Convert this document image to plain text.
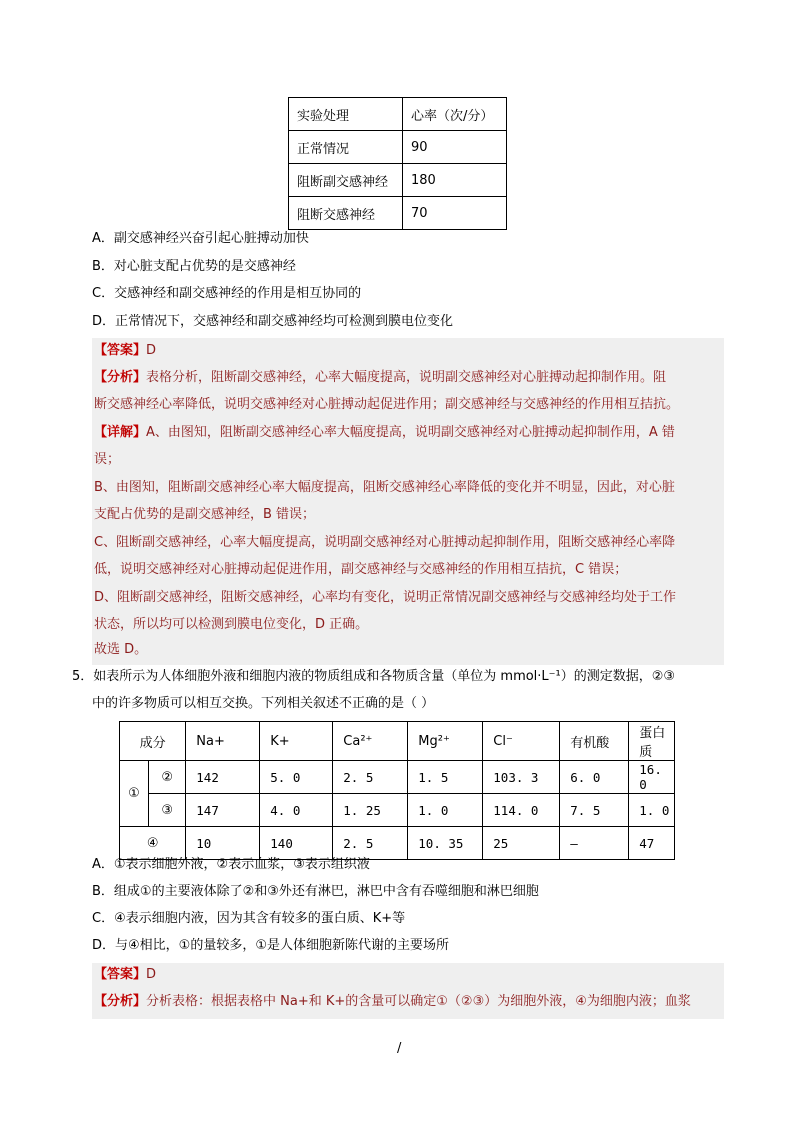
实验处理	心率（次/分）
正常情况	90
阻断副交感神经	180
阻断交感神经	70
A．副交感神经兴奋引起心脏搏动加快
B．对心脏支配占优势的是交感神经
C．交感神经和副交感神经的作用是相互协同的
D．正常情况下，交感神经和副交感神经均可检测到膜电位变化
【答案】D
【分析】表格分析，阻断副交感神经，心率大幅度提高，说明副交感神经对心脏搏动起抑制作用。阻
断交感神经心率降低，说明交感神经对心脏搏动起促进作用；副交感神经与交感神经的作用相互拮抗。
【详解】A、由图知，阻断副交感神经心率大幅度提高，说明副交感神经对心脏搏动起抑制作用，A 错
误；
B、由图知，阻断副交感神经心率大幅度提高，阻断交感神经心率降低的变化并不明显，因此，对心脏
支配占优势的是副交感神经，B 错误；
C、阻断副交感神经，心率大幅度提高，说明副交感神经对心脏搏动起抑制作用，阻断交感神经心率降
低，说明交感神经对心脏搏动起促进作用，副交感神经与交感神经的作用相互拮抗，C 错误；
D、阻断副交感神经，阻断交感神经，心率均有变化，说明正常情况副交感神经与交感神经均处于工作
状态，所以均可以检测到膜电位变化，D 正确。
故选 D。
5．如表所示为人体细胞外液和细胞内液的物质组成和各物质含量（单位为 mmol·L⁻¹）的测定数据，②③
中的许多物质可以相互交换。下列相关叙述不正确的是（ ）
成分		Na+	K+	Ca²⁺	Mg²⁺	Cl⁻	有机酸	蛋白质
①	②	142	5. 0	2. 5	1. 5	103. 3	6. 0	16. 0
	③	147	4. 0	1. 25	1. 0	114. 0	7. 5	1. 0
④		10	140	2. 5	10. 35	25	—	47
A．①表示细胞外液，②表示血浆，③表示组织液
B．组成①的主要液体除了②和③外还有淋巴，淋巴中含有吞噬细胞和淋巴细胞
C．④表示细胞内液，因为其含有较多的蛋白质、K+等
D．与④相比，①的量较多，①是人体细胞新陈代谢的主要场所
【答案】D
【分析】分析表格：根据表格中 Na+和 K+的含量可以确定①（②③）为细胞外液，④为细胞内液；血浆
/
